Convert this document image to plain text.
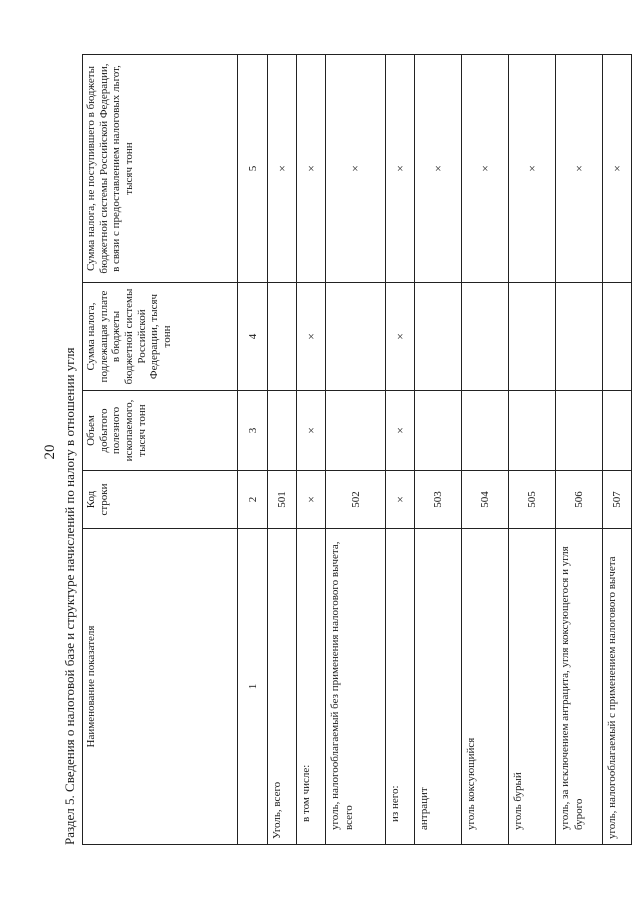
20 Раздел 5. Сведения о налоговой базе и структуре начислений по налогу в отношении угля Наименование показателя	Код строки	Объем добытого полезного ископаемого, тысяч тонн	Сумма налога, подлежащая уплате в бюджеты бюджетной системы Российской Федерации, тысяч тонн	Сумма налога, не поступившего в бюджеты бюджетной системы Российской Федерации, в связи с предоставлением налоговых льгот, тысяч тонн
1	2	3	4	5
Уголь, всего	501			×
в том числе:	×	×	×	×
уголь, налогооблагаемый без применения налогового вычета, всего	502			×
из него:	×	×	×	×
антрацит	503			×
уголь коксующийся	504			×
уголь бурый	505			×
уголь, за исключением антрацита, угля коксующегося и угля бурого	506			×
уголь, налогооблагаемый с применением налогового вычета	507			×
